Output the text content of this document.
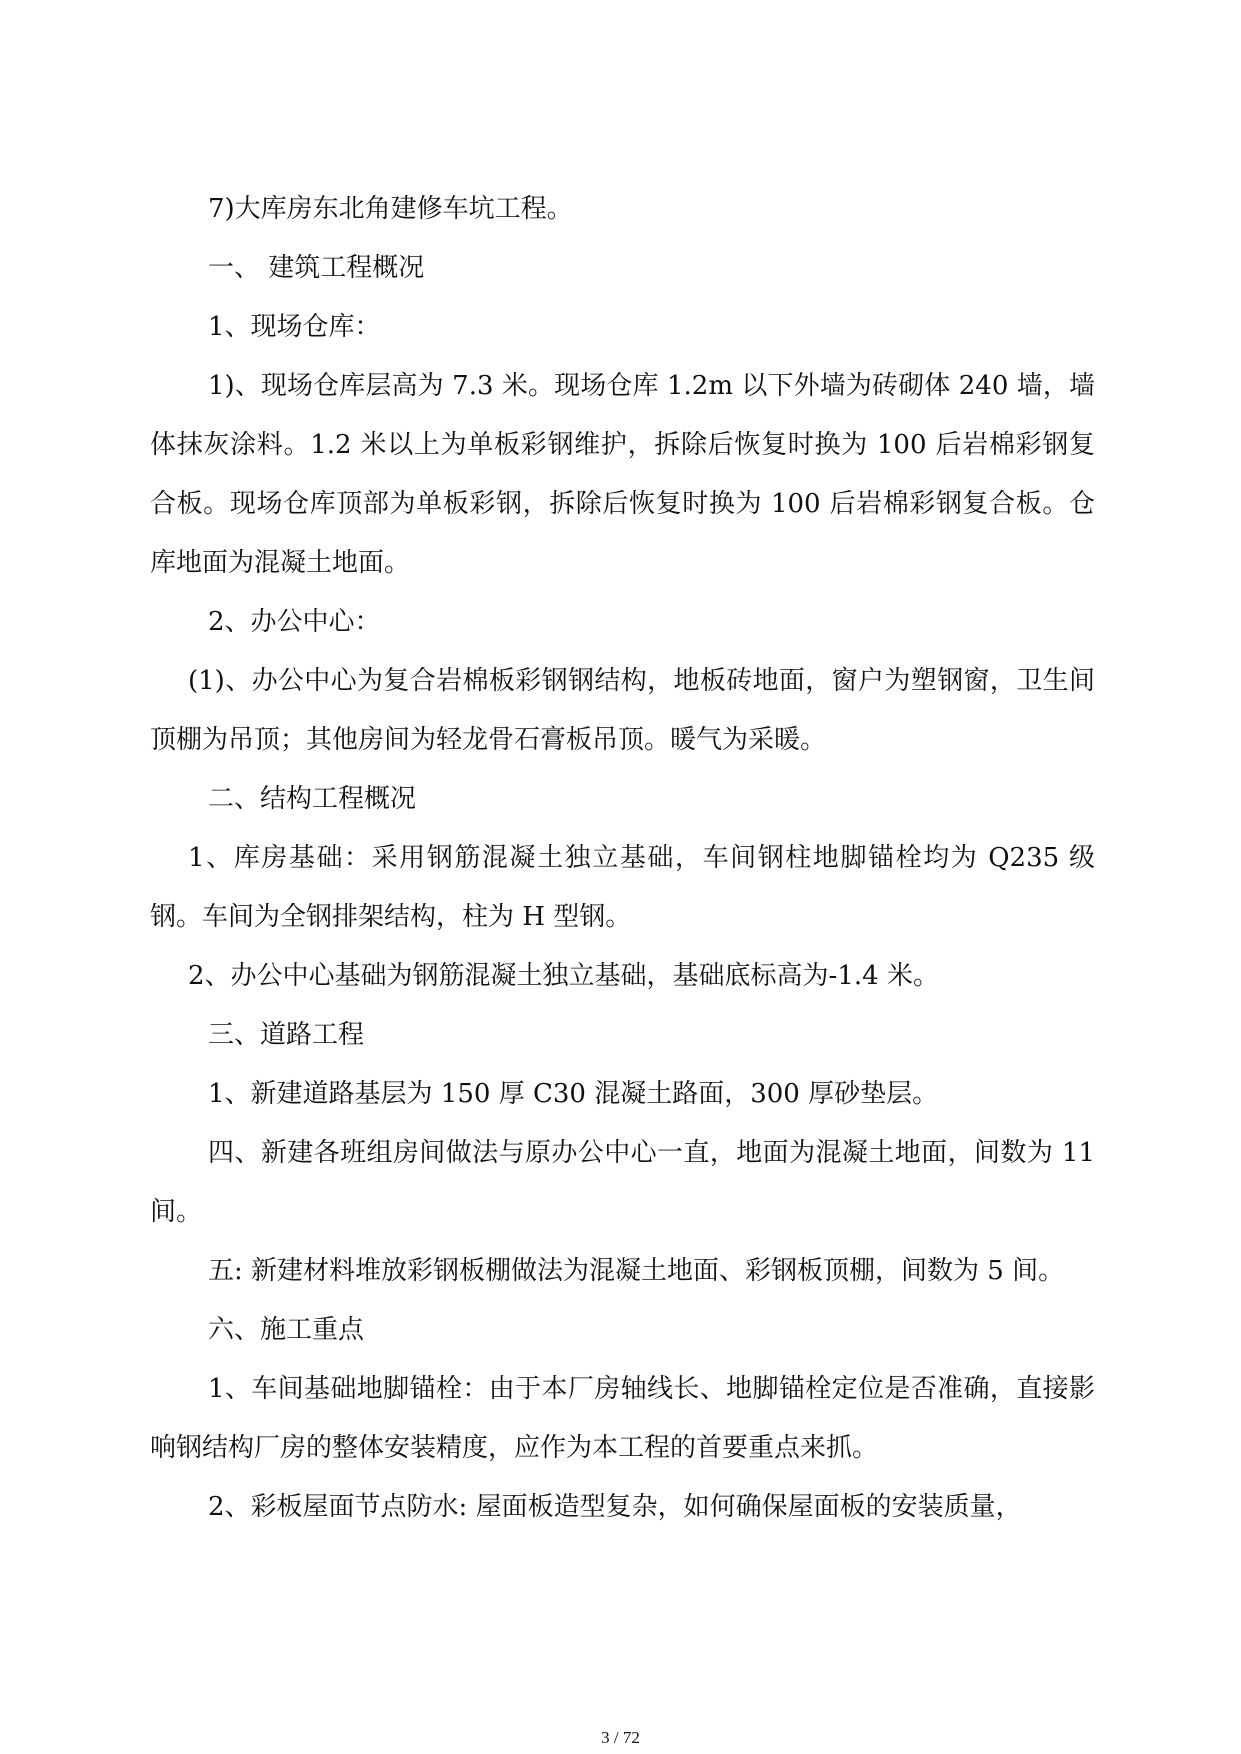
7)大库房东北角建修车坑工程。

一、 建筑工程概况

1、现场仓库：

1)、现场仓库层高为 7.3 米。现场仓库 1.2m 以下外墙为砖砌体 240 墙，墙体抹灰涂料。1.2 米以上为单板彩钢维护，拆除后恢复时换为 100 后岩棉彩钢复合板。现场仓库顶部为单板彩钢，拆除后恢复时换为 100 后岩棉彩钢复合板。仓库地面为混凝土地面。

2、办公中心：

(1)、办公中心为复合岩棉板彩钢钢结构，地板砖地面，窗户为塑钢窗，卫生间顶棚为吊顶；其他房间为轻龙骨石膏板吊顶。暖气为采暖。

二、结构工程概况

1、库房基础：采用钢筋混凝土独立基础，车间钢柱地脚锚栓均为 Q235 级钢。车间为全钢排架结构，柱为 H 型钢。

2、办公中心基础为钢筋混凝土独立基础，基础底标高为-1.4 米。

三、道路工程

1、新建道路基层为 150 厚 C30 混凝土路面，300 厚砂垫层。

四、新建各班组房间做法与原办公中心一直，地面为混凝土地面，间数为 11 间。

五: 新建材料堆放彩钢板棚做法为混凝土地面、彩钢板顶棚，间数为 5 间。

六、施工重点

1、车间基础地脚锚栓：由于本厂房轴线长、地脚锚栓定位是否准确，直接影响钢结构厂房的整体安装精度，应作为本工程的首要重点来抓。

2、彩板屋面节点防水: 屋面板造型复杂，如何确保屋面板的安装质量，

3 / 72
